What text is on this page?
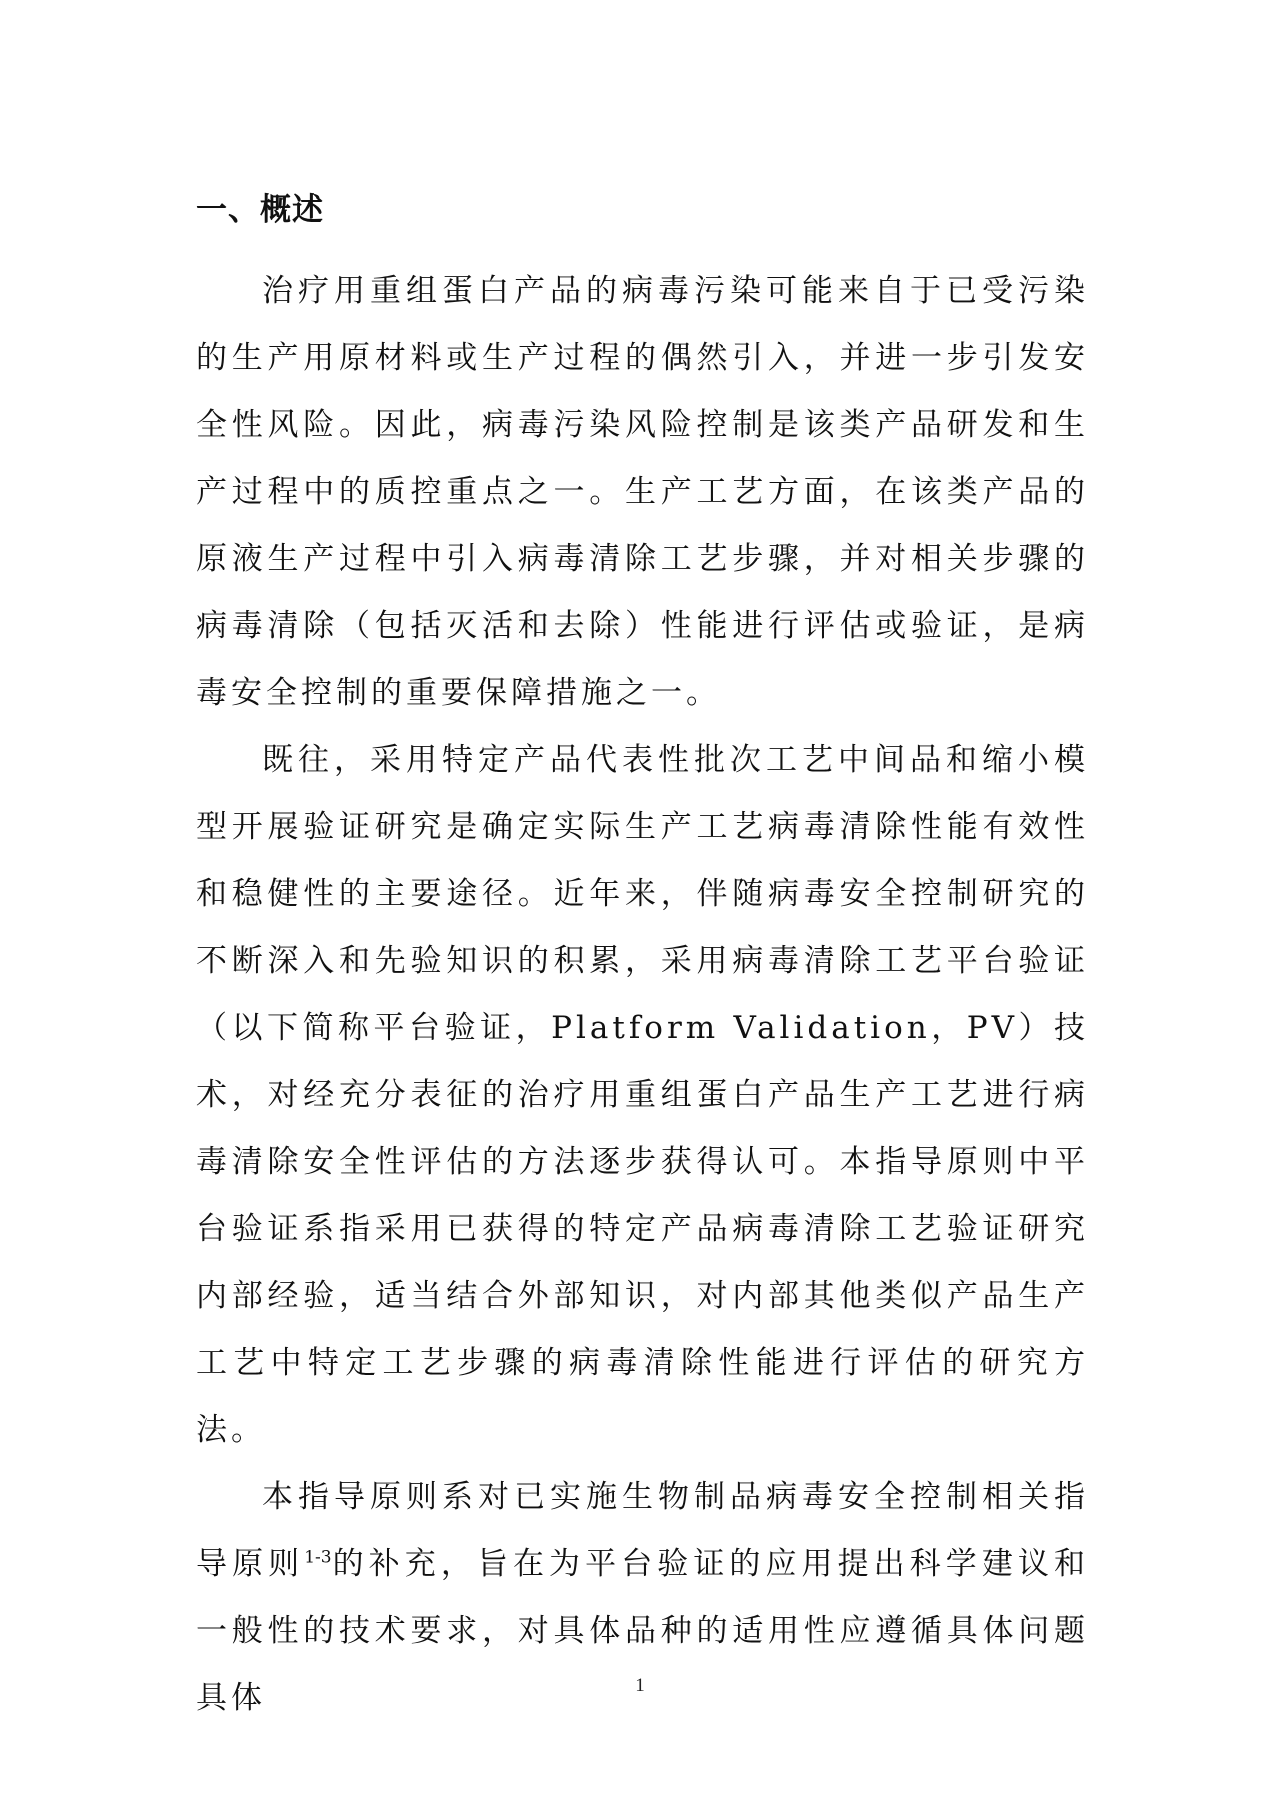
一、概述

治疗用重组蛋白产品的病毒污染可能来自于已受污染的生产用原材料或生产过程的偶然引入，并进一步引发安全性风险。因此，病毒污染风险控制是该类产品研发和生产过程中的质控重点之一。生产工艺方面，在该类产品的原液生产过程中引入病毒清除工艺步骤，并对相关步骤的病毒清除（包括灭活和去除）性能进行评估或验证，是病毒安全控制的重要保障措施之一。

既往，采用特定产品代表性批次工艺中间品和缩小模型开展验证研究是确定实际生产工艺病毒清除性能有效性和稳健性的主要途径。近年来，伴随病毒安全控制研究的不断深入和先验知识的积累，采用病毒清除工艺平台验证（以下简称平台验证，Platform Validation，PV）技术，对经充分表征的治疗用重组蛋白产品生产工艺进行病毒清除安全性评估的方法逐步获得认可。本指导原则中平台验证系指采用已获得的特定产品病毒清除工艺验证研究内部经验，适当结合外部知识，对内部其他类似产品生产工艺中特定工艺步骤的病毒清除性能进行评估的研究方法。

本指导原则系对已实施生物制品病毒安全控制相关指导原则$^{1-3}$的补充，旨在为平台验证的应用提出科学建议和一般性的技术要求，对具体品种的适用性应遵循具体问题具体	1
